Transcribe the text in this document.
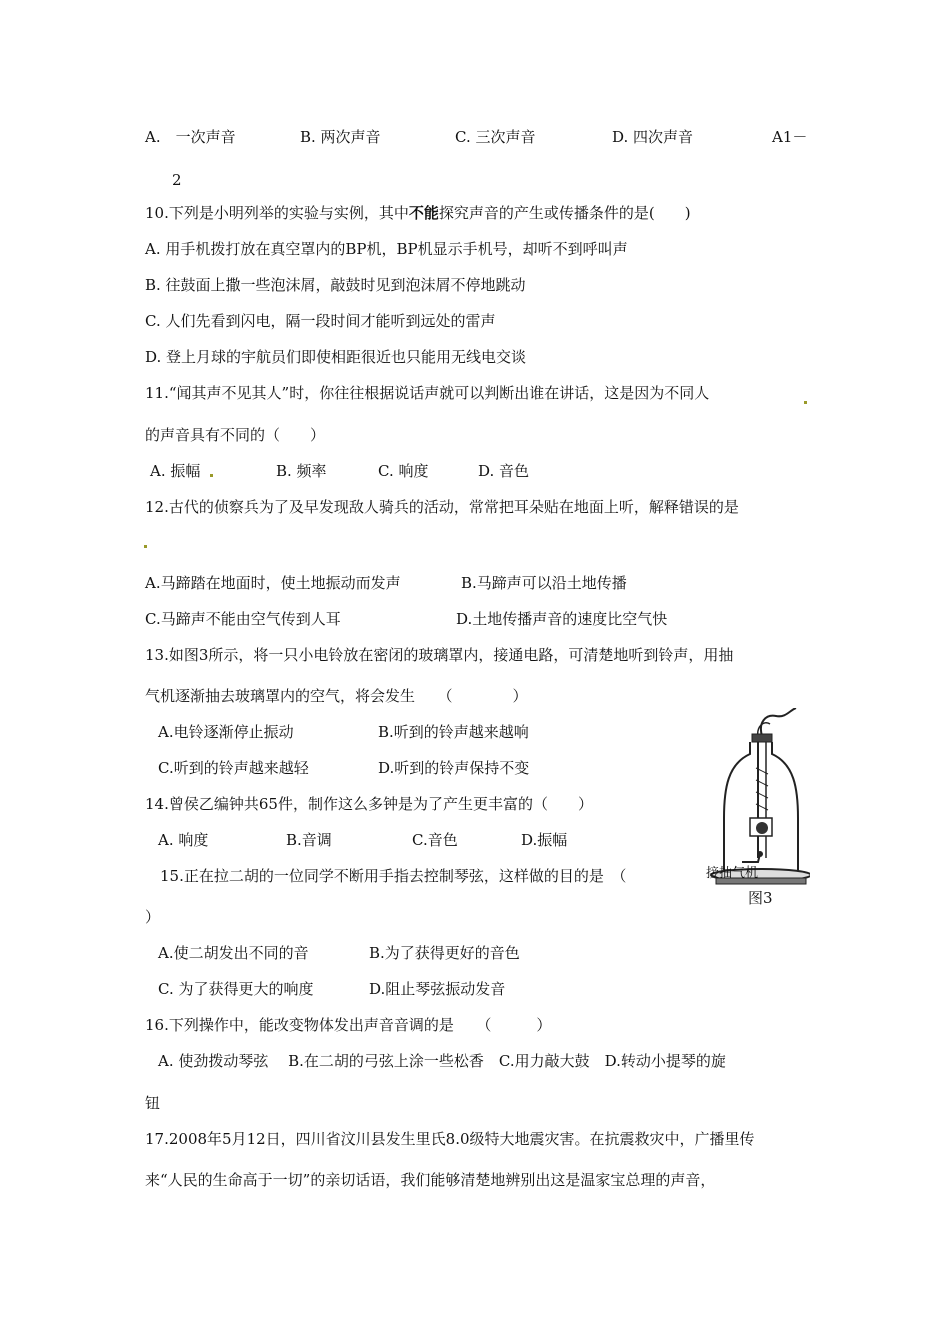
A.　一次声音	B. 两次声音	C. 三次声音	D. 四次声音	A1－
2
10.下列是小明列举的实验与实例，其中不能探究声音的产生或传播条件的是(　　)
A. 用手机拨打放在真空罩内的BP机，BP机显示手机号，却听不到呼叫声
B. 往鼓面上撒一些泡沫屑，敲鼓时见到泡沫屑不停地跳动
C. 人们先看到闪电，隔一段时间才能听到远处的雷声
D. 登上月球的宇航员们即使相距很近也只能用无线电交谈
11.“闻其声不见其人”时，你往往根据说话声就可以判断出谁在讲话，这是因为不同人
的声音具有不同的（　　）
A. 振幅	B. 频率	C. 响度	D. 音色
12.古代的侦察兵为了及早发现敌人骑兵的活动，常常把耳朵贴在地面上听，解释错误的是
A.马蹄踏在地面时，使土地振动而发声	B.马蹄声可以沿土地传播
C.马蹄声不能由空气传到人耳	D.土地传播声音的速度比空气快
13.如图3所示，将一只小电铃放在密闭的玻璃罩内，接通电路，可清楚地听到铃声，用抽
气机逐渐抽去玻璃罩内的空气，将会发生　　（　　　　）
A.电铃逐渐停止振动	B.听到的铃声越来越响
C.听到的铃声越来越轻	D.听到的铃声保持不变
接抽气机
图3
14.曾侯乙编钟共65件，制作这么多钟是为了产生更丰富的（　　）
A. 响度	B.音调	C.音色	D.振幅
15.正在拉二胡的一位同学不断用手指去控制琴弦，这样做的目的是　（
）
A.使二胡发出不同的音	B.为了获得更好的音色
C. 为了获得更大的响度	D.阻止琴弦振动发音
16.下列操作中，能改变物体发出声音音调的是　　（　　　）
A. 使劲拨动琴弦　 B.在二胡的弓弦上涂一些松香　C.用力敲大鼓　D.转动小提琴的旋
钮
17.2008年5月12日，四川省汶川县发生里氏8.0级特大地震灾害。在抗震救灾中，广播里传
来“人民的生命高于一切”的亲切话语，我们能够清楚地辨别出这是温家宝总理的声音，
